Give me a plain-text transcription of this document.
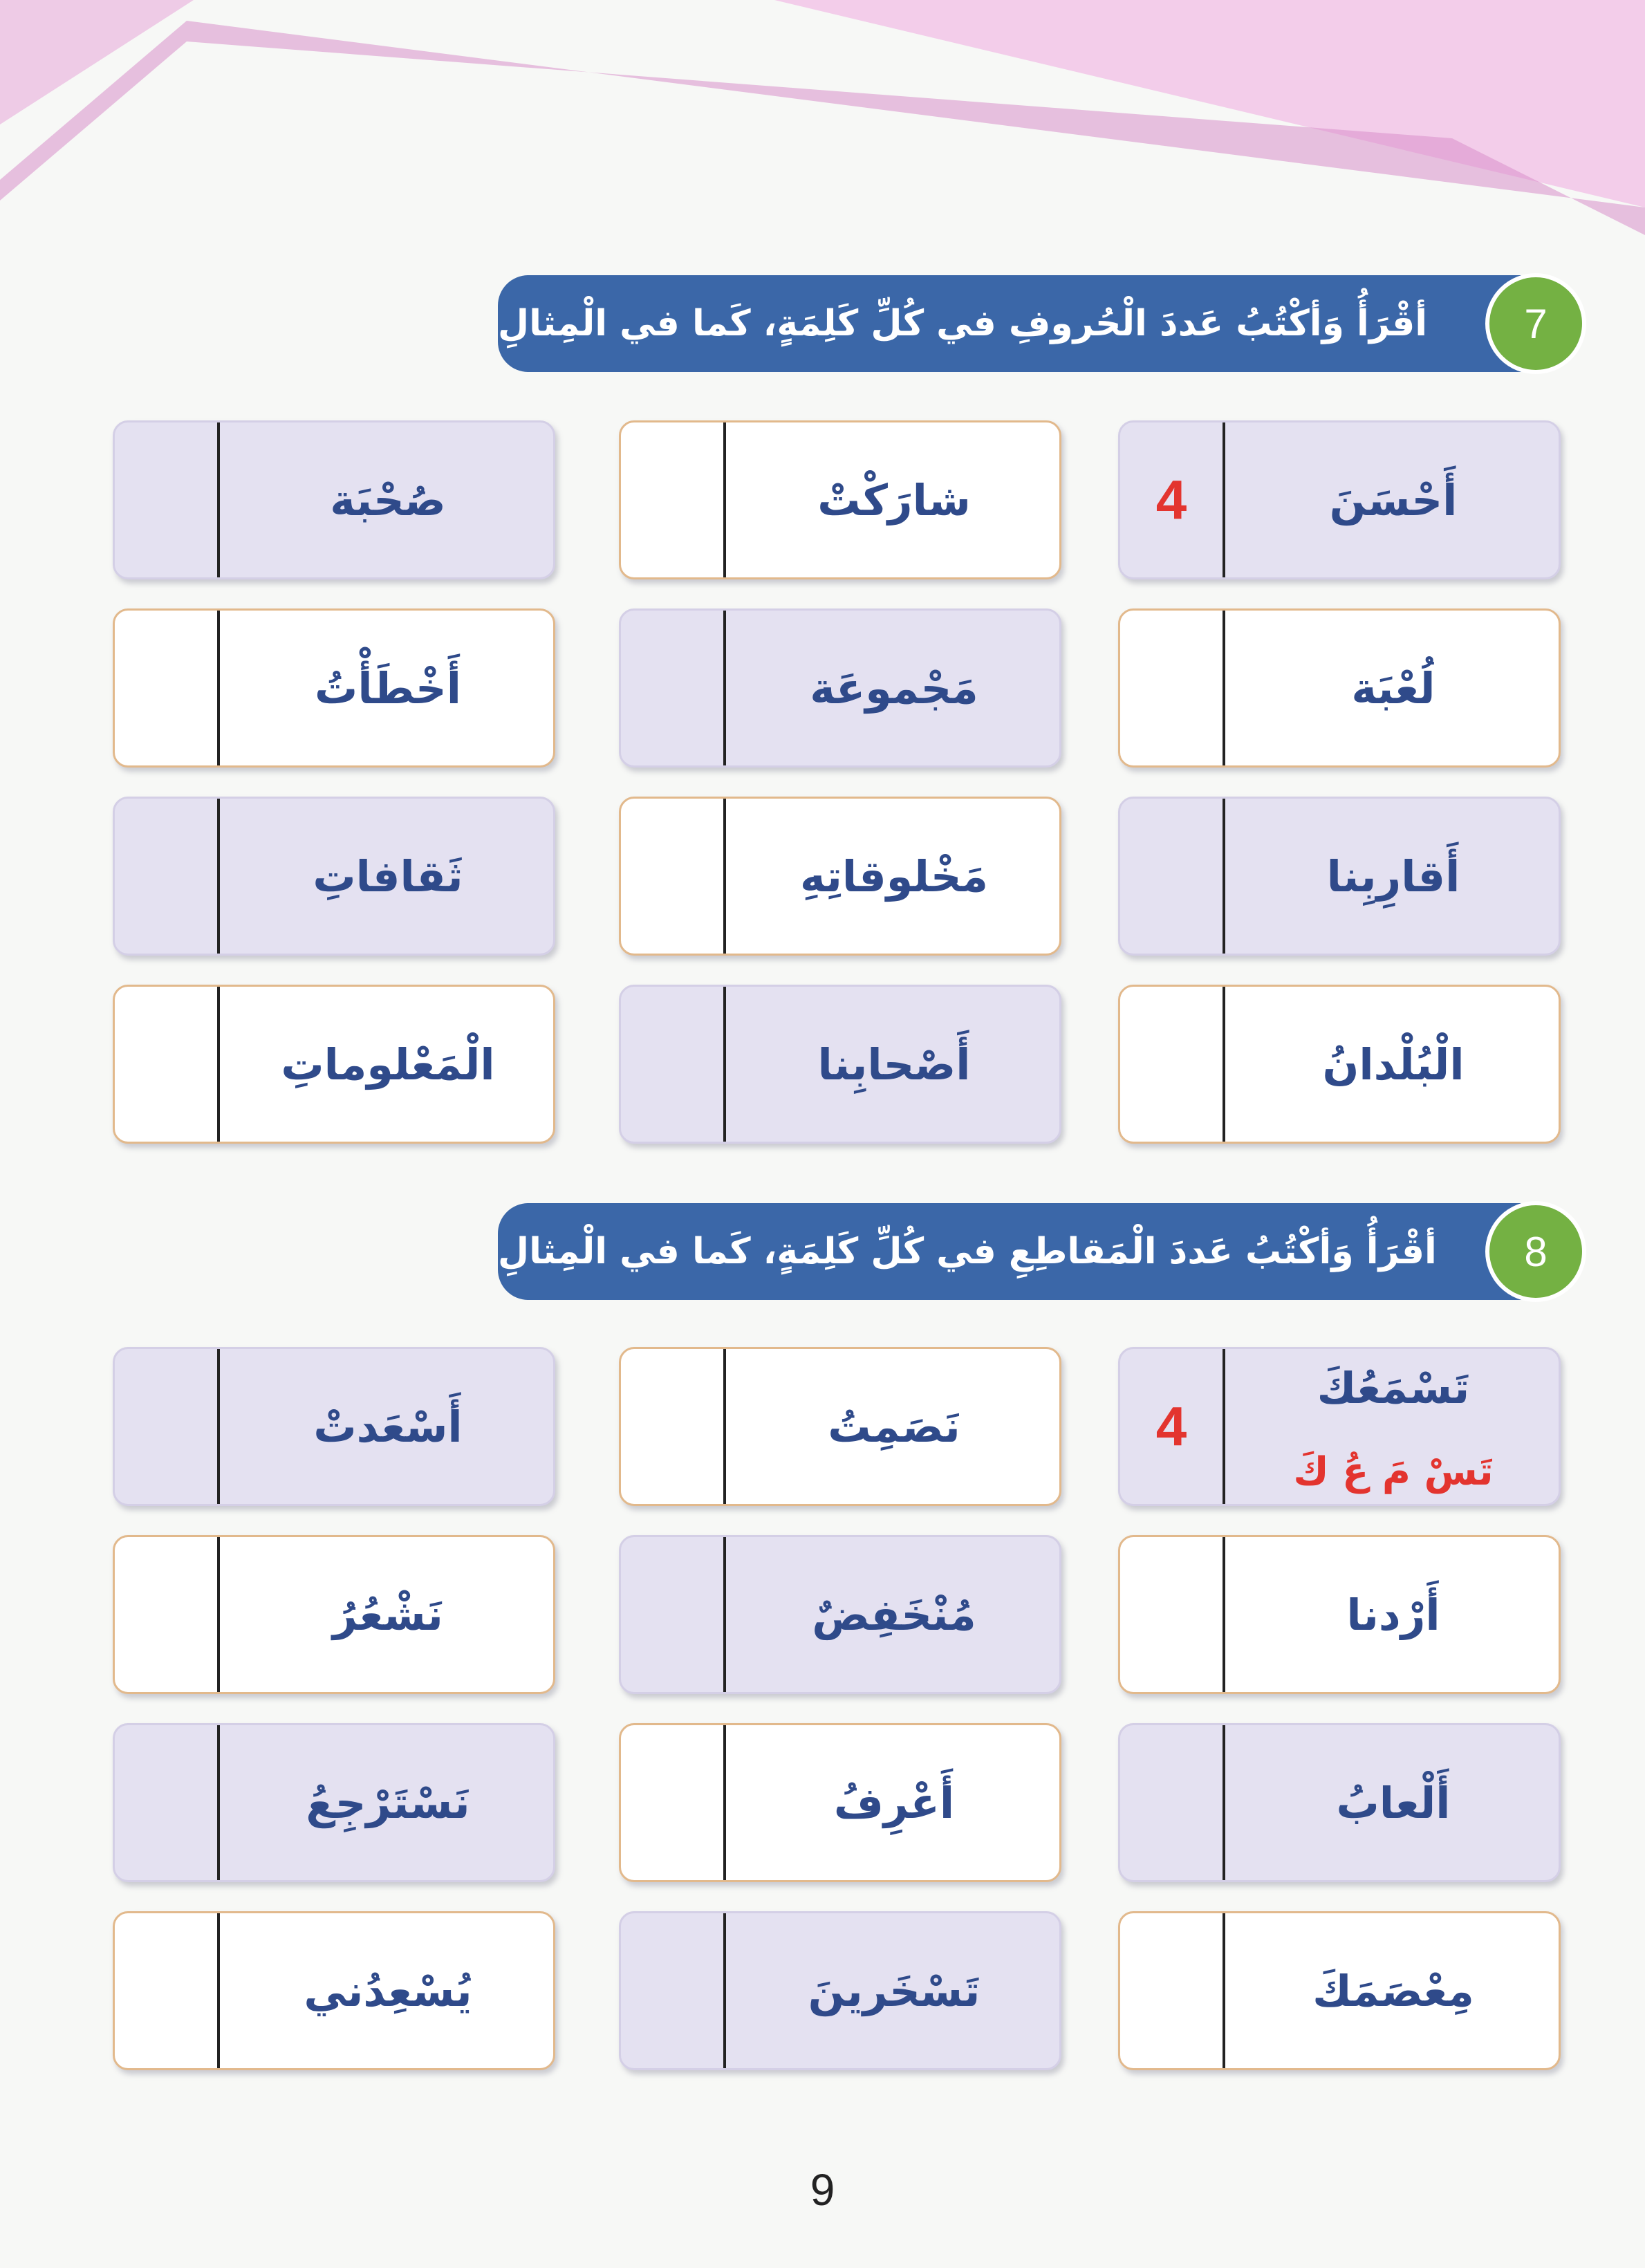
أقْرَأُ وَأكْتُبُ عَددَ الْحُروفِ في كُلِّ كَلِمَةٍ، كَما في الْمِثالِ	7
4	أَحْسَنَ
شارَكْتْ
صُحْبَة
لُعْبَة
مَجْموعَة
أَخْطَأْتُ
أَقارِبِنا
مَخْلوقاتِهِ
ثَقافاتِ
الْبُلْدانُ
أَصْحابِنا
الْمَعْلوماتِ
أقْرَأُ وَأكْتُبُ عَددَ الْمَقاطِعِ في كُلِّ كَلِمَةٍ، كَما في الْمِثالِ	8
4
تَسْمَعُكَ
تَسْ مَ عُ كَ
نَصَمِتُ
أَسْعَدتْ
أَرْدنا
مُنْخَفِضٌ
نَشْعُرُ
أَلْعابُ
أَعْرِفُ
نَسْتَرْجِعُ
مِعْصَمَكَ
تَسْخَرينَ
يُسْعِدُني
9
